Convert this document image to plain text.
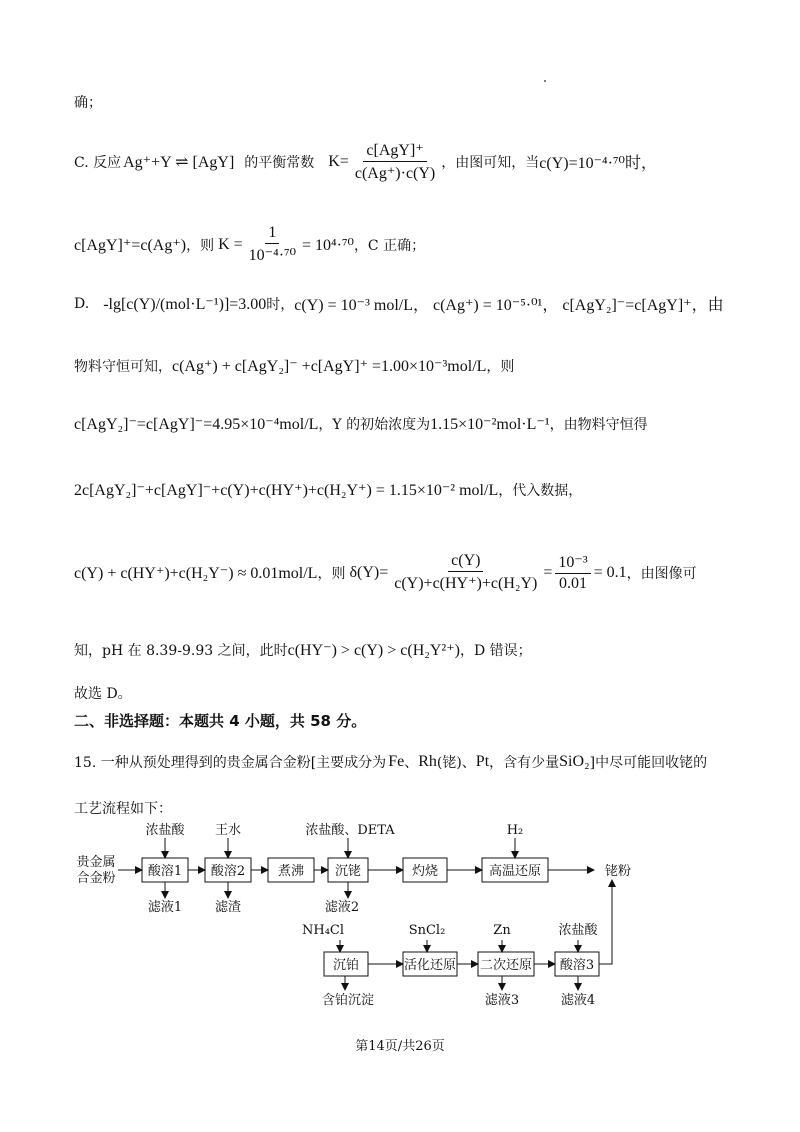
确；
C. 反应 Ag⁺+Y ⇌ [AgY] 的平衡常数 $K= \frac{\text{c[AgY]⁺}}{c(Ag^+)\cdot c(Y)}$ ，由图可知，当 c(Y)=10⁻⁴·⁷⁰时，
c[AgY]⁺=c(Ag⁺) ，则 $K = \frac{1}{\text{10⁻⁴·⁷⁰}} = 10^4\cdot^{70}$ ，C 正确；
D. -lg[c(Y)/(mol·L⁻¹)]=3.00 时， c(Y) = 10⁻³ mol/L， c(Ag⁺) = 10⁻⁵·⁰¹， c[AgY₂]⁻=c[AgY]⁺，由
物料守恒可知， c(Ag⁺) + c[AgY₂]⁻ +c[AgY]⁺ =1.00×10⁻³mol/L ，则
c[AgY₂]⁻=c[AgY]⁻=4.95×10⁻⁴mol/L ，Y 的初始浓度为 1.15×10⁻²mol·L⁻¹ ，由物料守恒得
2c[AgY₂]⁻+c[AgY]⁻+c(Y)+c(HY⁺)+c(H₂Y⁺) = 1.15×10⁻² mol/L ，代入数据，
c(Y) + c(HY⁺)+c(H₂Y⁻) ≈ 0.01mol/L ，则 $\delta(Y)= \frac{c(Y)}{\text{c(Y)+c(HY⁺)+c(H₂Y)}} = \frac{\text{10⁻³}}{0.01} = 0.1$ ，由图像可
知，pH 在 8.39-9.93 之间，此时 c(HY⁻) > c(Y) > c(H₂Y²⁺) ，D 错误；
故选 D。
二、非选择题：本题共 4 小题，共 58 分。
15. 一种从预处理得到的贵金属合金粉[主要成分为 Fe 、 Rh (铑)、 Pt ，含有少量 SiO₂ ]中尽可能回收铑的
工艺流程如下：
贵金属
合金粉 酸溶1 酸溶2	煮沸 沉铑	灼烧	高温还原
浓盐酸 王水	浓盐酸、DETA	H₂
滤液1	滤渣	滤液2
铑粉
沉铂	活化还原 二次还原 酸溶3
NH₄Cl	SnCl₂	Zn	浓盐酸
含铂沉淀	滤液3	滤液4
第14页/共26页
